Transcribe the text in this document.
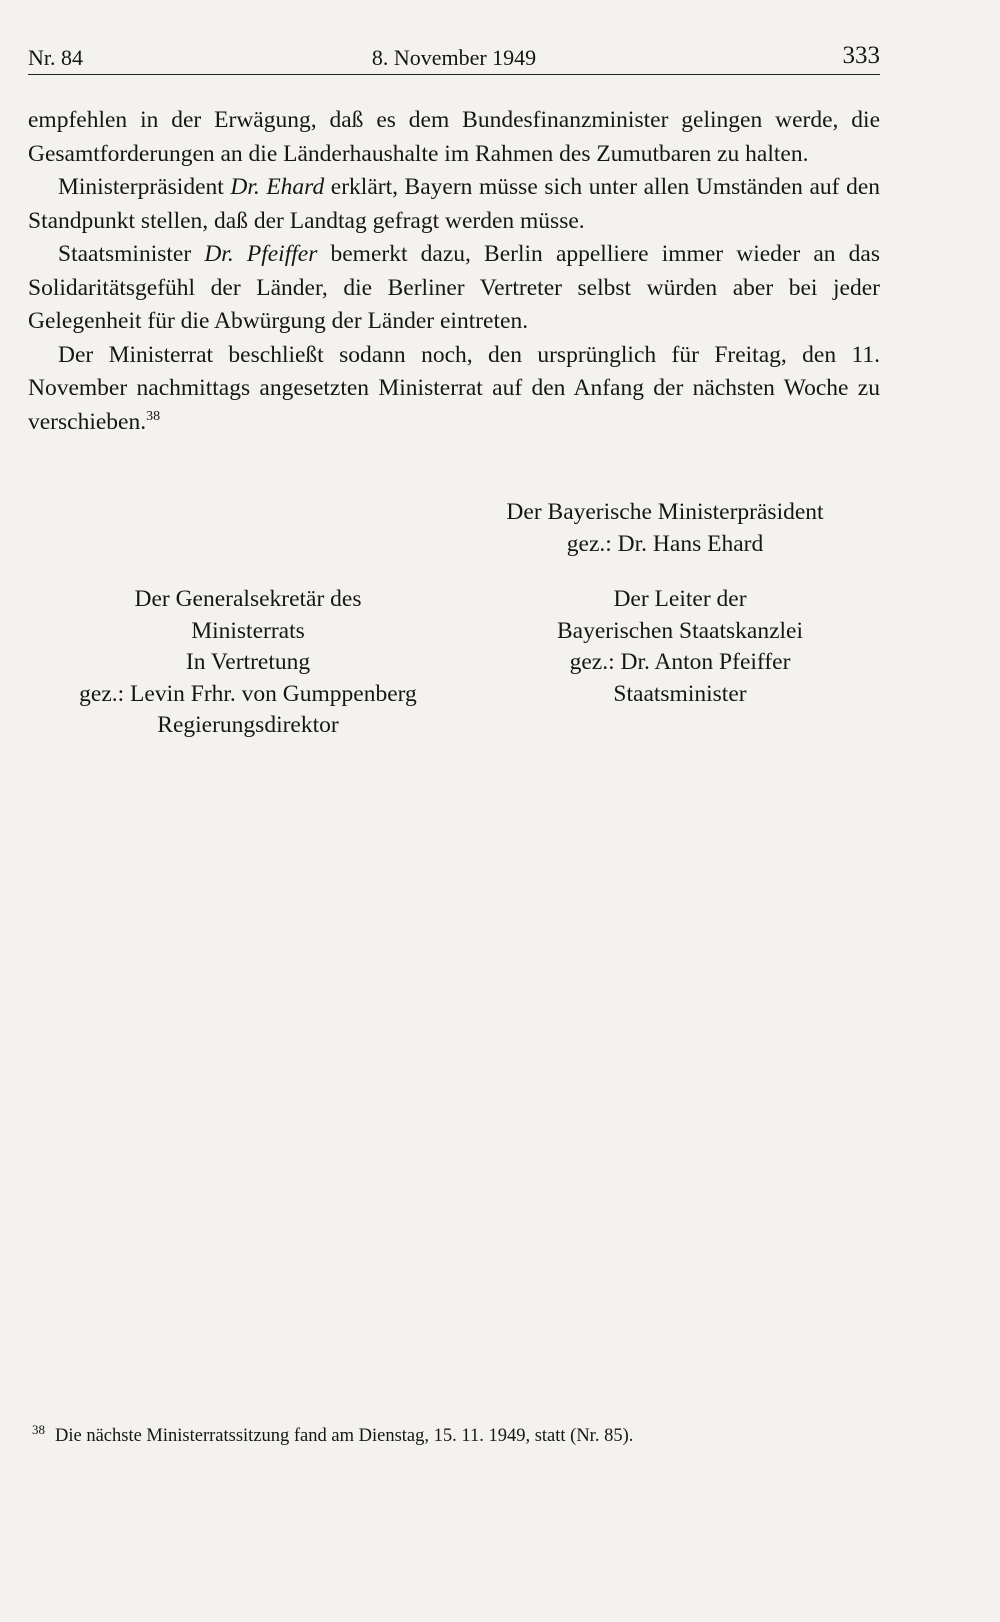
Nr. 84	8. November 1949	333

empfehlen in der Erwägung, daß es dem Bundesfinanzminister gelingen werde, die Gesamtforderungen an die Länderhaushalte im Rahmen des Zumutbaren zu halten.

Ministerpräsident Dr. Ehard erklärt, Bayern müsse sich unter allen Umständen auf den Standpunkt stellen, daß der Landtag gefragt werden müsse.

Staatsminister Dr. Pfeiffer bemerkt dazu, Berlin appelliere immer wieder an das Solidaritätsgefühl der Länder, die Berliner Vertreter selbst würden aber bei jeder Gelegenheit für die Abwürgung der Länder eintreten.

Der Ministerrat beschließt sodann noch, den ursprünglich für Freitag, den 11. November nachmittags angesetzten Ministerrat auf den Anfang der nächsten Woche zu verschieben.$^{38}$

Der Bayerische Ministerpräsident
gez.: Dr. Hans Ehard
Der Generalsekretär des
Ministerrats
In Vertretung
gez.: Levin Frhr. von Gumppenberg
Regierungsdirektor
Der Leiter der
Bayerischen Staatskanzlei
gez.: Dr. Anton Pfeiffer
Staatsminister
$^{38}$ Die nächste Ministerratssitzung fand am Dienstag, 15. 11. 1949, statt (Nr. 85).
